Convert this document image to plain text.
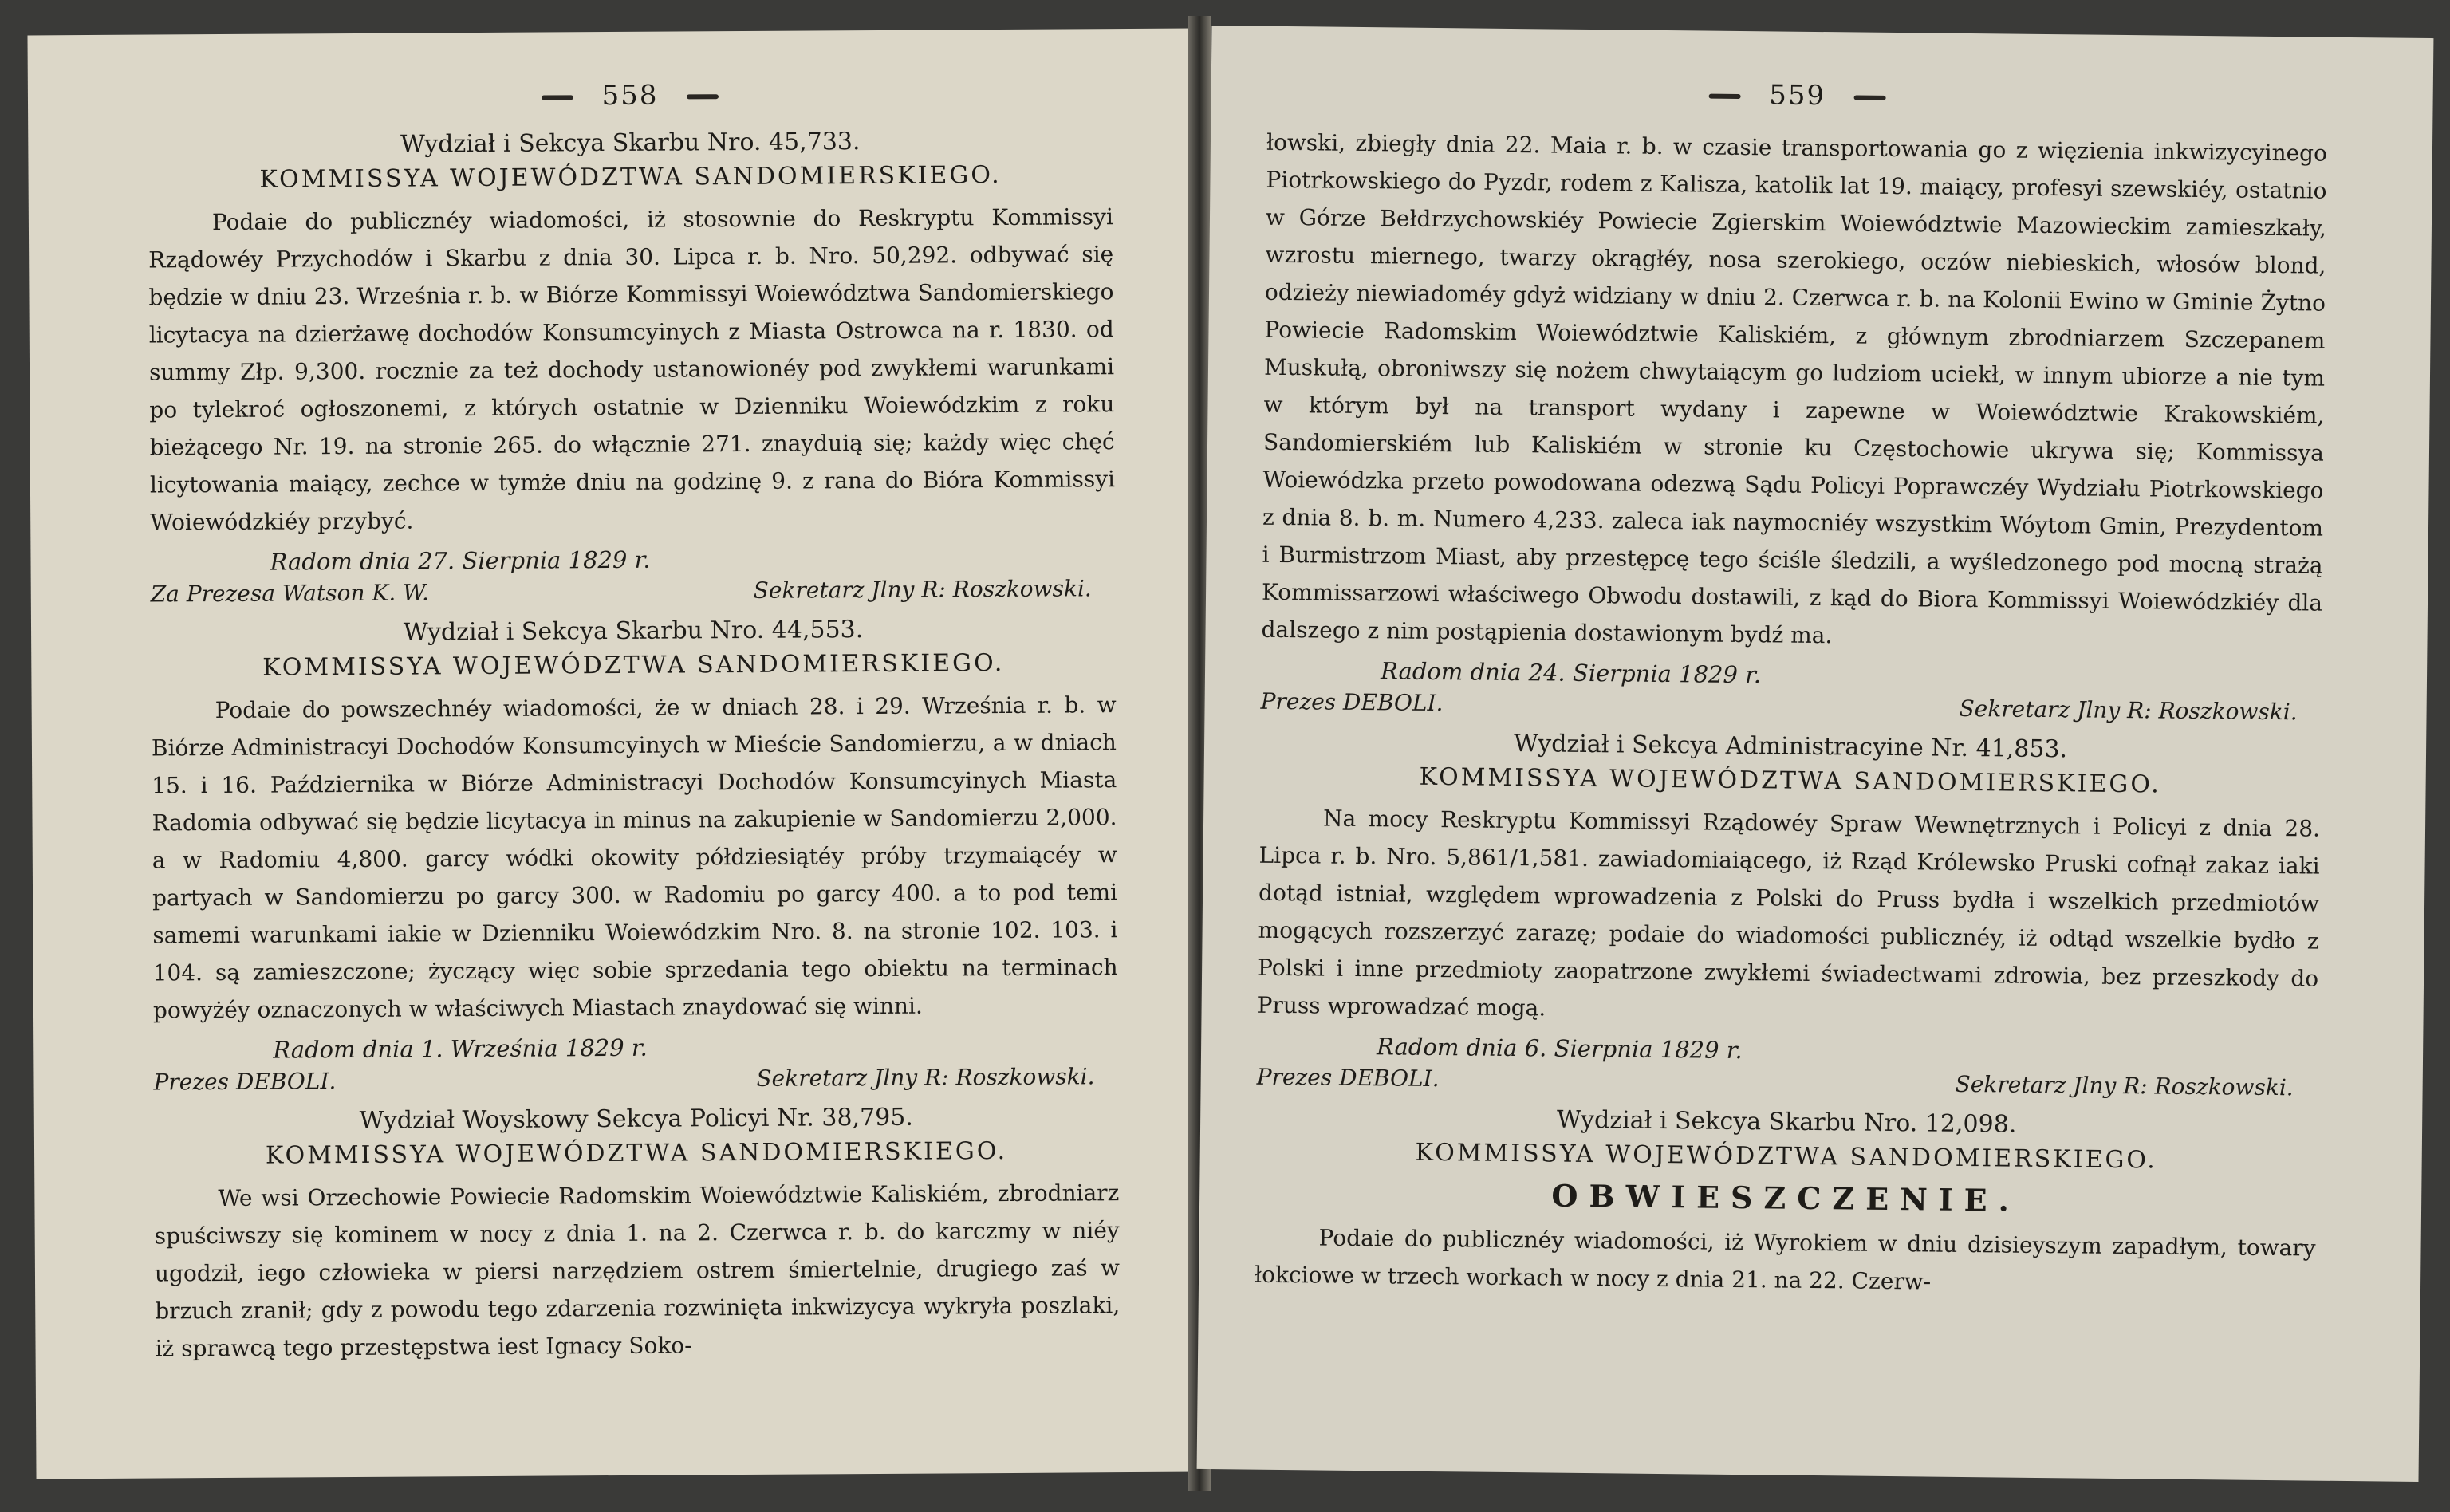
558
Wydział i Sekcya Skarbu Nro. 45,733.
KOMMISSYA WOJEWÓDZTWA SANDOMIERSKIEGO.

Podaie do publicznéy wiadomości, iż stosownie do Reskryptu Kommissyi Rządowéy Przychodów i Skarbu z dnia 30. Lipca r. b. Nro. 50,292. odbywać się będzie w dniu 23. Września r. b. w Biórze Kommissyi Woiewództwa Sandomierskiego licytacya na dzierżawę dochodów Konsumcyinych z Miasta Ostrowca na r. 1830. od summy Złp. 9,300. rocznie za też dochody ustanowionéy pod zwykłemi warunkami po tylekroć ogłoszonemi, z których ostatnie w Dzienniku Woiewódzkim z roku bieżącego Nr. 19. na stronie 265. do włącznie 271. znayduią się; każdy więc chęć licytowania maiący, zechce w tymże dniu na godzinę 9. z rana do Bióra Kommissyi Woiewódzkiéy przybyć.

Radom dnia 27. Sierpnia 1829 r.
Za Prezesa Watson K. W.	Sekretarz Jlny R: Roszkowski.
Wydział i Sekcya Skarbu Nro. 44,553.
KOMMISSYA WOJEWÓDZTWA SANDOMIERSKIEGO.

Podaie do powszechnéy wiadomości, że w dniach 28. i 29. Września r. b. w Biórze Administracyi Dochodów Konsumcyinych w Mieście Sandomierzu, a w dniach 15. i 16. Października w Biórze Administracyi Dochodów Konsumcyinych Miasta Radomia odbywać się będzie licytacya in minus na zakupienie w Sandomierzu 2,000. a w Radomiu 4,800. garcy wódki okowity półdziesiątéy próby trzymaiącéy w partyach w Sandomierzu po garcy 300. w Radomiu po garcy 400. a to pod temi samemi warunkami iakie w Dzienniku Woiewódzkim Nro. 8. na stronie 102. 103. i 104. są zamieszczone; życzący więc sobie sprzedania tego obiektu na terminach powyżéy oznaczonych w właściwych Miastach znaydować się winni.

Radom dnia 1. Września 1829 r.
Prezes DEBOLI.	Sekretarz Jlny R: Roszkowski.
Wydział Woyskowy Sekcya Policyi Nr. 38,795.
KOMMISSYA WOJEWÓDZTWA SANDOMIERSKIEGO.

We wsi Orzechowie Powiecie Radomskim Woiewództwie Kaliskiém, zbrodniarz spuściwszy się kominem w nocy z dnia 1. na 2. Czerwca r. b. do karczmy w niéy ugodził, iego człowieka w piersi narzędziem ostrem śmiertelnie, drugiego zaś w brzuch zranił; gdy z powodu tego zdarzenia rozwinięta inkwizycya wykryła poszlaki, iż sprawcą tego przestępstwa iest Ignacy Soko-

559

łowski, zbiegły dnia 22. Maia r. b. w czasie transportowania go z więzienia inkwizycyinego Piotrkowskiego do Pyzdr, rodem z Kalisza, katolik lat 19. maiący, profesyi szewskiéy, ostatnio w Górze Bełdrzychowskiéy Powiecie Zgierskim Woiewództwie Mazowieckim zamieszkały, wzrostu miernego, twarzy okrągłéy, nosa szerokiego, oczów niebieskich, włosów blond, odzieży niewiadoméy gdyż widziany w dniu 2. Czerwca r. b. na Kolonii Ewino w Gminie Żytno Powiecie Radomskim Woiewództwie Kaliskiém, z głównym zbrodniarzem Szczepanem Muskułą, obroniwszy się nożem chwytaiącym go ludziom uciekł, w innym ubiorze a nie tym w którym był na transport wydany i zapewne w Woiewództwie Krakowskiém, Sandomierskiém lub Kaliskiém w stronie ku Częstochowie ukrywa się; Kommissya Woiewódzka przeto powodowana odezwą Sądu Policyi Poprawczéy Wydziału Piotrkowskiego z dnia 8. b. m. Numero 4,233. zaleca iak naymocniéy wszystkim Wóytom Gmin, Prezydentom i Burmistrzom Miast, aby przestępcę tego ściśle śledzili, a wyśledzonego pod mocną strażą Kommissarzowi właściwego Obwodu dostawili, z kąd do Biora Kommissyi Woiewódzkiéy dla dalszego z nim postąpienia dostawionym bydź ma.

Radom dnia 24. Sierpnia 1829 r.
Prezes DEBOLI.	Sekretarz Jlny R: Roszkowski.
Wydział i Sekcya Administracyine Nr. 41,853.
KOMMISSYA WOJEWÓDZTWA SANDOMIERSKIEGO.

Na mocy Reskryptu Kommissyi Rządowéy Spraw Wewnętrznych i Policyi z dnia 28. Lipca r. b. Nro. 5,861/1,581. zawiadomiaiącego, iż Rząd Królewsko Pruski cofnął zakaz iaki dotąd istniał, względem wprowadzenia z Polski do Pruss bydła i wszelkich przedmiotów mogących rozszerzyć zarazę; podaie do wiadomości publicznéy, iż odtąd wszelkie bydło z Polski i inne przedmioty zaopatrzone zwykłemi świadectwami zdrowia, bez przeszkody do Pruss wprowadzać mogą.

Radom dnia 6. Sierpnia 1829 r.
Prezes DEBOLI.	Sekretarz Jlny R: Roszkowski.
Wydział i Sekcya Skarbu Nro. 12,098.
KOMMISSYA WOJEWÓDZTWA SANDOMIERSKIEGO.
OBWIESZCZENIE.

Podaie do publicznéy wiadomości, iż Wyrokiem w dniu dzisieyszym zapadłym, towary łokciowe w trzech workach w nocy z dnia 21. na 22. Czerw-
